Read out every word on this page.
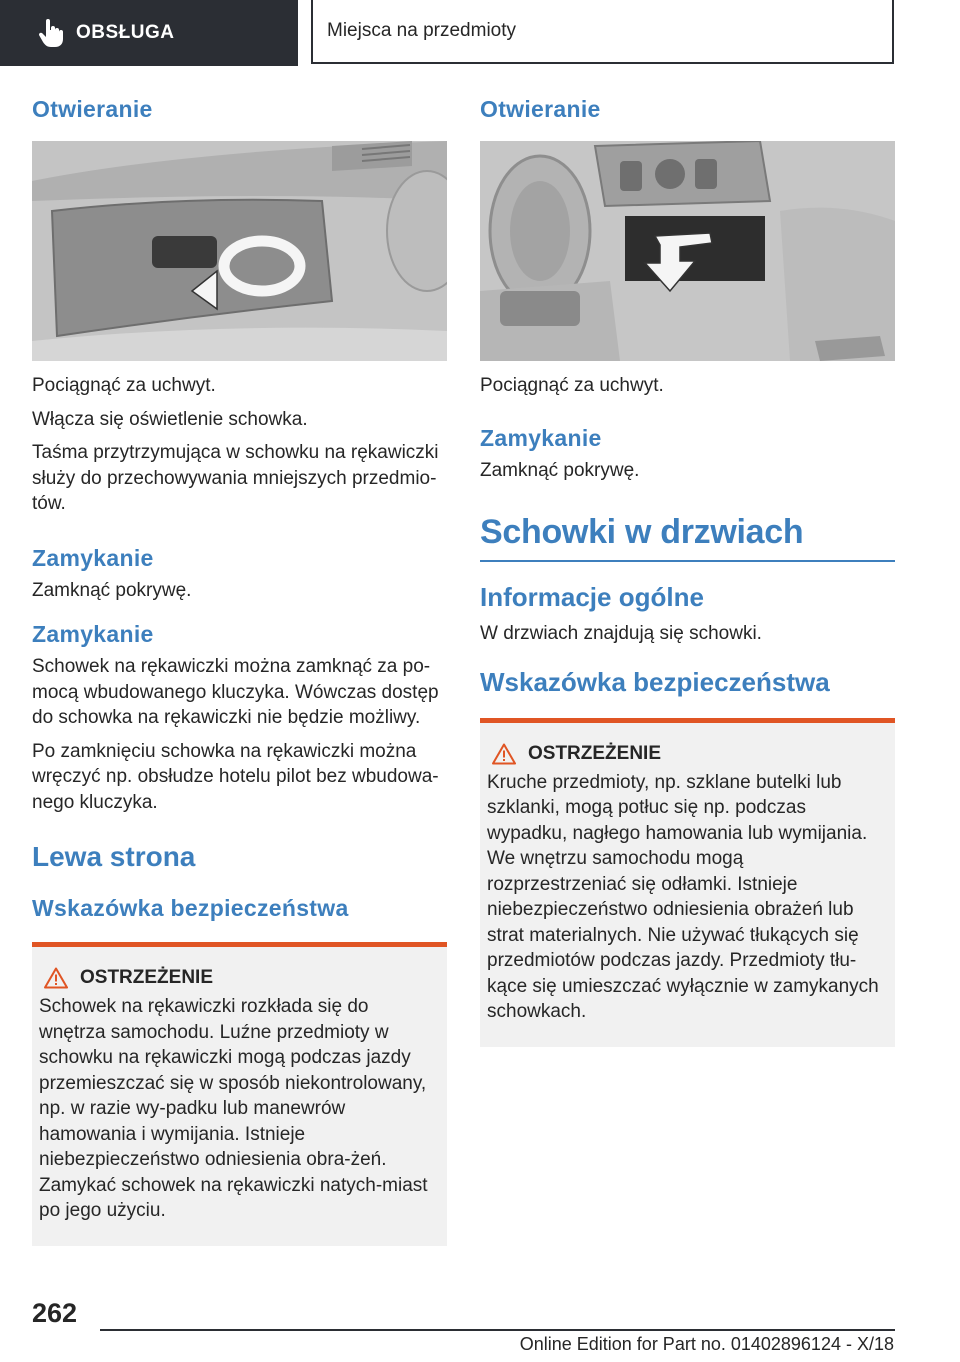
OBSŁUGA	Miejsca na przedmioty
Otwieranie

Pociągnąć za uchwyt.

Włącza się oświetlenie schowka.

Taśma przytrzymująca w schowku na rękawiczki służy do przechowywania mniejszych przedmio-tów.

Zamykanie

Zamknąć pokrywę.

Zamykanie

Schowek na rękawiczki można zamknąć za po-mocą wbudowanego kluczyka. Wówczas dostęp do schowka na rękawiczki nie będzie możliwy.

Po zamknięciu schowka na rękawiczki można wręczyć np. obsłudze hotelu pilot bez wbudowa-nego kluczyka.

Lewa strona
Wskazówka bezpieczeństwa
OSTRZEŻENIE

Schowek na rękawiczki rozkłada się do wnętrza samochodu. Luźne przedmioty w schowku na rękawiczki mogą podczas jazdy przemieszczać się w sposób niekontrolowany, np. w razie wy-padku lub manewrów hamowania i wymijania. Istnieje niebezpieczeństwo odniesienia obra-żeń. Zamykać schowek na rękawiczki natych-miast po jego użyciu.

Otwieranie

Pociągnąć za uchwyt.

Zamykanie

Zamknąć pokrywę.

Schowki w drzwiach
Informacje ogólne

W drzwiach znajdują się schowki.

Wskazówka bezpieczeństwa
OSTRZEŻENIE

Kruche przedmioty, np. szklane butelki lub szklanki, mogą potłuc się np. podczas wypadku, nagłego hamowania lub wymijania. We wnętrzu samochodu mogą rozprzestrzeniać się odłamki. Istnieje niebezpieczeństwo odniesienia obrażeń lub strat materialnych. Nie używać tłukących się przedmiotów podczas jazdy. Przedmioty tłu-kące się umieszczać wyłącznie w zamykanych schowkach.

262
Online Edition for Part no. 01402896124 - X/18
